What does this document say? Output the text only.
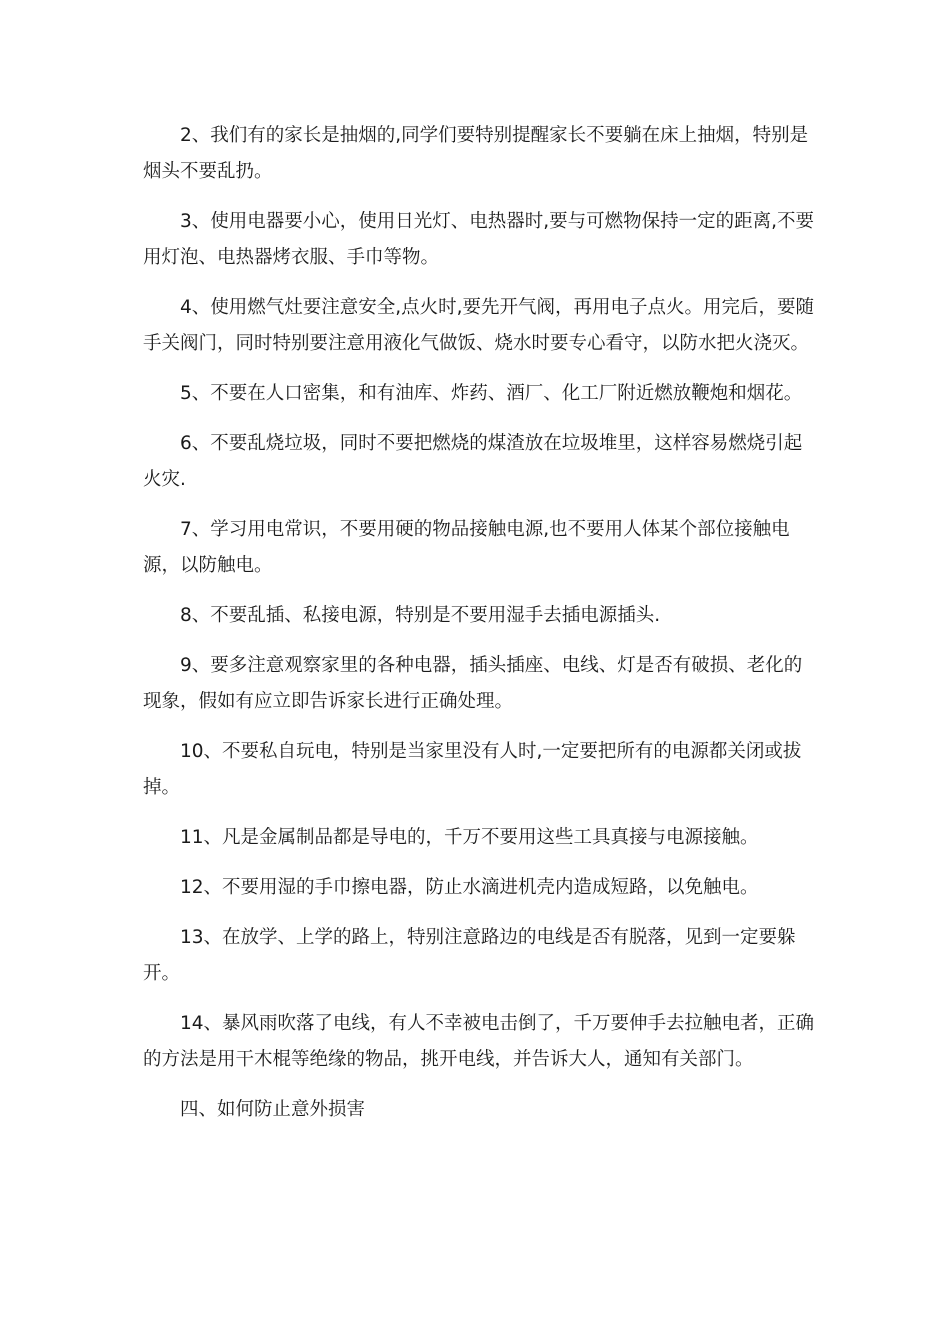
2、我们有的家长是抽烟的,同学们要特别提醒家长不要躺在床上抽烟，特别是烟头不要乱扔。

3、使用电器要小心，使用日光灯、电热器时,要与可燃物保持一定的距离,不要用灯泡、电热器烤衣服、手巾等物。

4、使用燃气灶要注意安全,点火时,要先开气阀，再用电子点火。用完后，要随手关阀门，同时特别要注意用液化气做饭、烧水时要专心看守，以防水把火浇灭。

5、不要在人口密集，和有油库、炸药、酒厂、化工厂附近燃放鞭炮和烟花。

6、不要乱烧垃圾，同时不要把燃烧的煤渣放在垃圾堆里，这样容易燃烧引起火灾.

7、学习用电常识，不要用硬的物品接触电源,也不要用人体某个部位接触电源，以防触电。

8、不要乱插、私接电源，特别是不要用湿手去插电源插头.

9、要多注意观察家里的各种电器，插头插座、电线、灯是否有破损、老化的现象，假如有应立即告诉家长进行正确处理。

10、不要私自玩电，特别是当家里没有人时,一定要把所有的电源都关闭或拔掉。

11、凡是金属制品都是导电的，千万不要用这些工具真接与电源接触。

12、不要用湿的手巾擦电器，防止水滴进机壳内造成短路，以免触电。

13、在放学、上学的路上，特别注意路边的电线是否有脱落，见到一定要躲开。

14、暴风雨吹落了电线，有人不幸被电击倒了，千万要伸手去拉触电者，正确的方法是用干木棍等绝缘的物品，挑开电线，并告诉大人，通知有关部门。

四、如何防止意外损害
